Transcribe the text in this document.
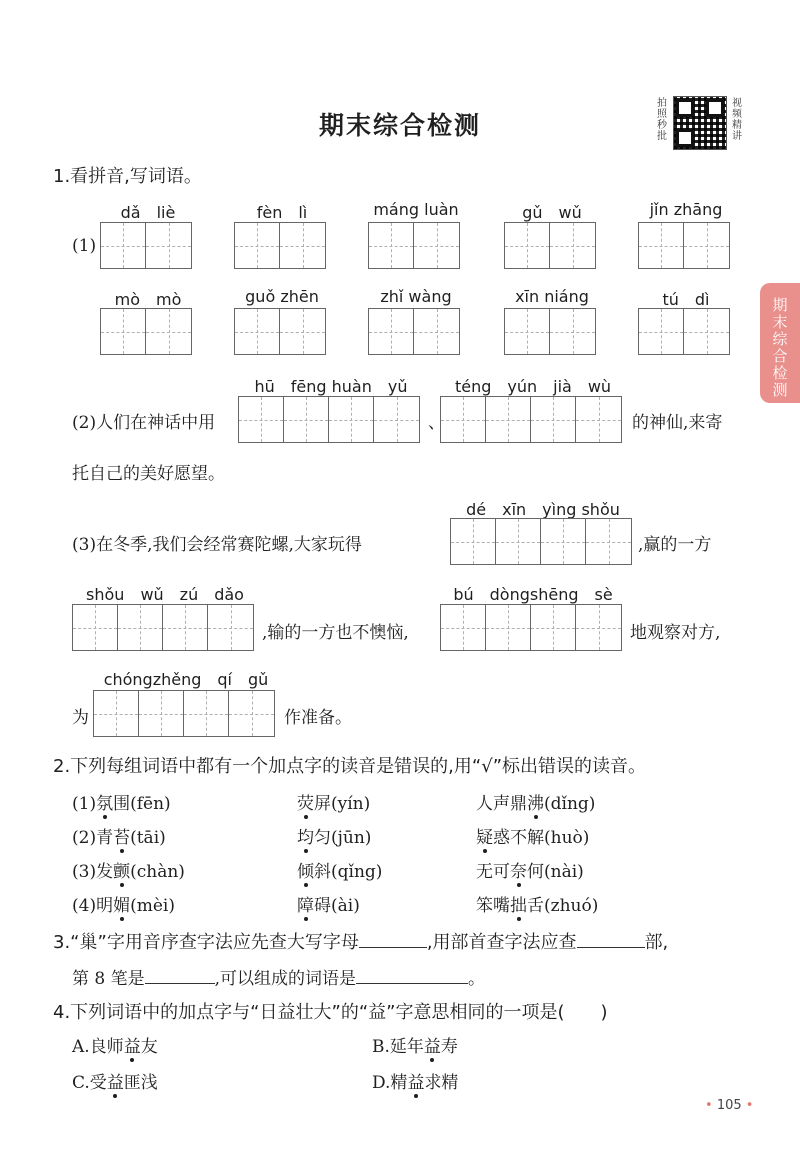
期末综合检测
拍照秒批
视频精讲
期末综合检测
1.看拼音,写词语。
(1)
dǎ　liè	fèn　lì	máng luàn	gǔ　wǔ	jǐn zhāng
mò　mò	guǒ zhēn	zhǐ wàng	xīn niáng	tú　dì
(2)人们在神话中用
hū　fēng huàn　yǔ
、
téng　yún　jià　wù
的神仙,来寄
托自己的美好愿望。
(3)在冬季,我们会经常赛陀螺,大家玩得
dé　xīn　yìng shǒu
,赢的一方
shǒu　wǔ　zú　dǎo
,输的一方也不懊恼,
bú　dòngshēng　sè
地观察对方,
为
chóngzhěng　qí　gǔ
作准备。
2.下列每组词语中都有一个加点字的读音是错误的,用“√”标出错误的读音。
(1)氛围(fēn)	荧屏(yín)	人声鼎沸(dǐng)
(2)青苔(tāi)	均匀(jūn)	疑惑不解(huò)
(3)发颤(chàn)	倾斜(qǐng)	无可奈何(nài)
(4)明媚(mèi)	障碍(ài)	笨嘴拙舌(zhuó)
3.“巢”字用音序查字法应先查大写字母	,用部首查字法应查	部,
第 8 笔是	,可以组成的词语是	。
4.下列词语中的加点字与“日益壮大”的“益”字意思相同的一项是(　　)
A.良师益友	B.延年益寿
C.受益匪浅	D.精益求精
• 105 •
